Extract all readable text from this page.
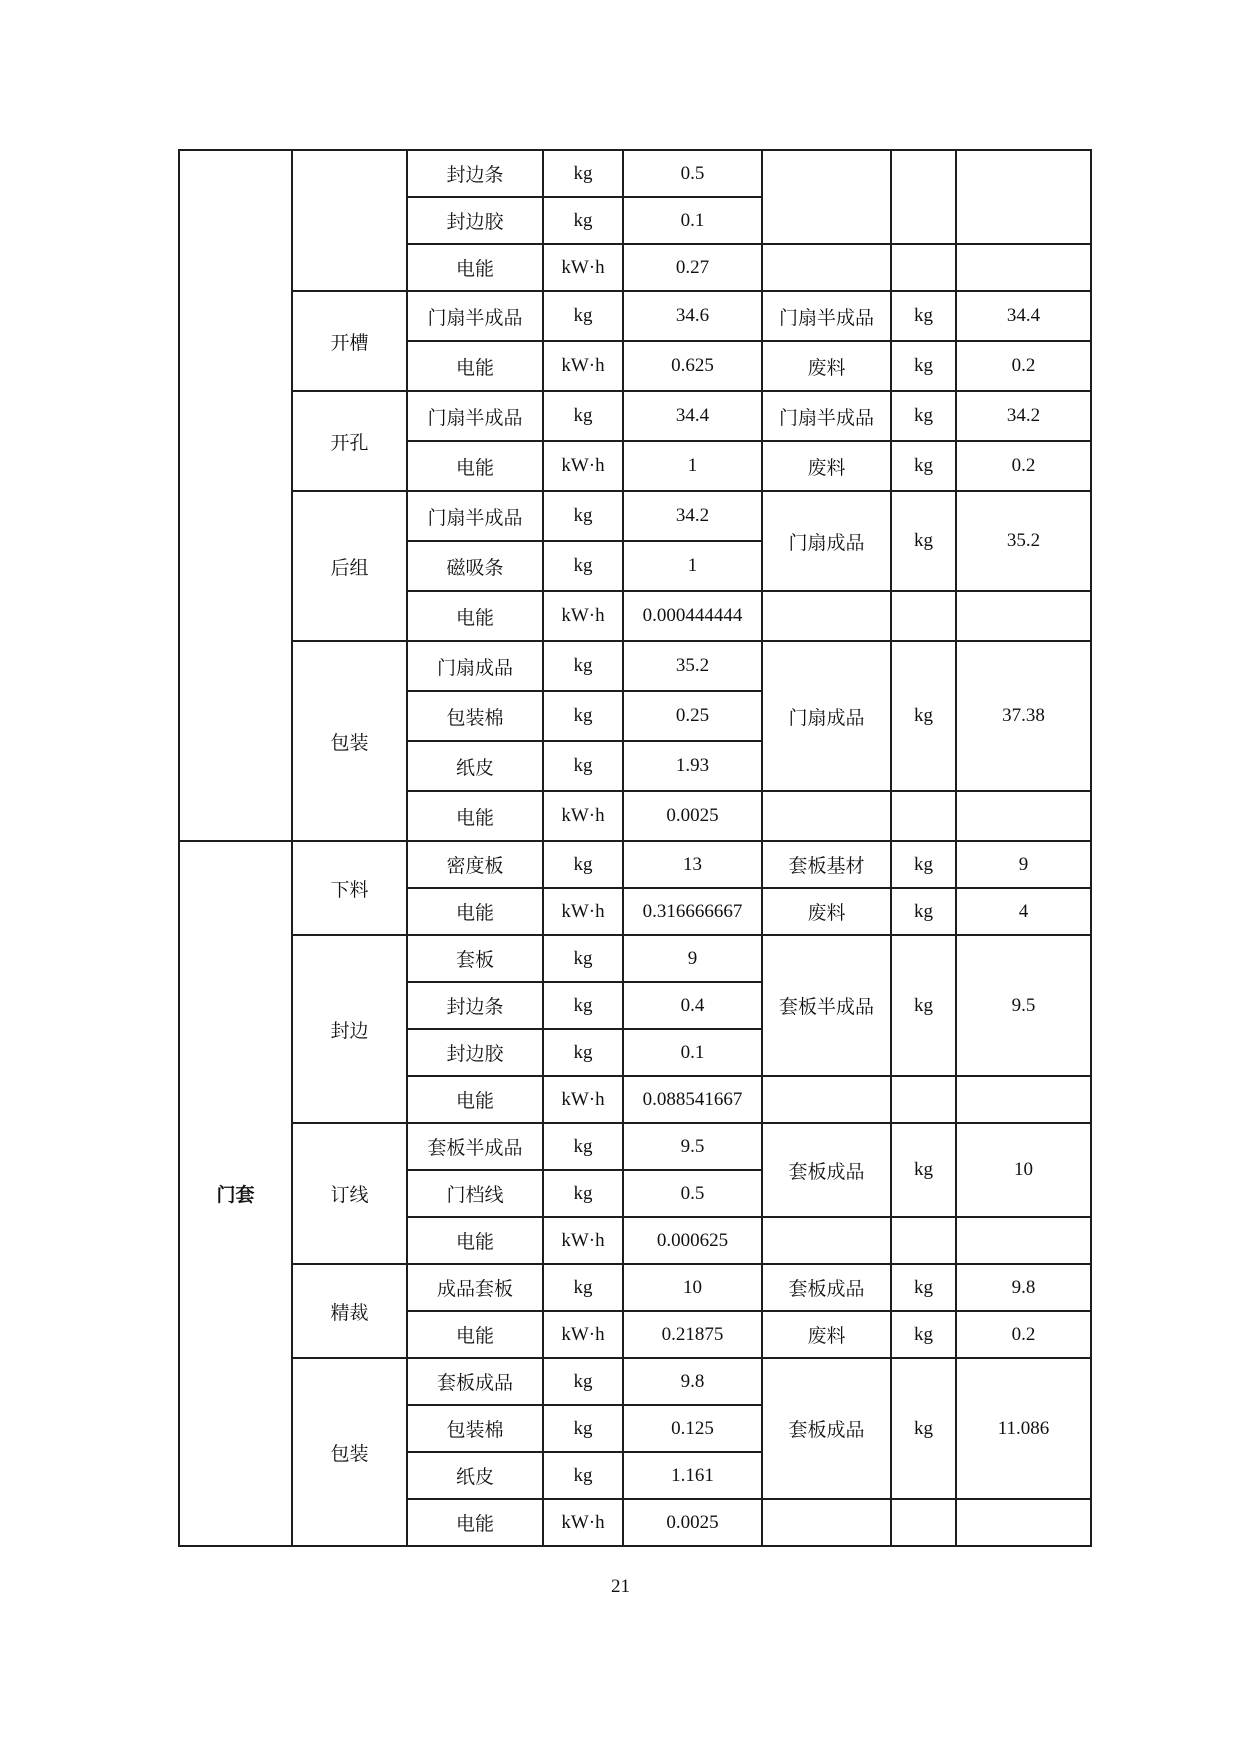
		封边条	kg	0.5			
		封边胶	kg	0.1			
		电能	kW·h	0.27			
	开槽	门扇半成品	kg	34.6	门扇半成品	kg	34.4
		电能	kW·h	0.625	废料	kg	0.2
	开孔	门扇半成品	kg	34.4	门扇半成品	kg	34.2
		电能	kW·h	1	废料	kg	0.2
	后组	门扇半成品	kg	34.2	门扇成品	kg	35.2
		磁吸条	kg	1			
		电能	kW·h	0.000444444			
	包装	门扇成品	kg	35.2	门扇成品	kg	37.38
		包装棉	kg	0.25			
		纸皮	kg	1.93			
		电能	kW·h	0.0025			
门套	下料	密度板	kg	13	套板基材	kg	9
		电能	kW·h	0.316666667	废料	kg	4
	封边	套板	kg	9	套板半成品	kg	9.5
		封边条	kg	0.4			
		封边胶	kg	0.1			
		电能	kW·h	0.088541667			
	订线	套板半成品	kg	9.5	套板成品	kg	10
		门档线	kg	0.5			
		电能	kW·h	0.000625			
	精裁	成品套板	kg	10	套板成品	kg	9.8
		电能	kW·h	0.21875	废料	kg	0.2
	包装	套板成品	kg	9.8	套板成品	kg	11.086
		包装棉	kg	0.125			
		纸皮	kg	1.161			
		电能	kW·h	0.0025			
21
